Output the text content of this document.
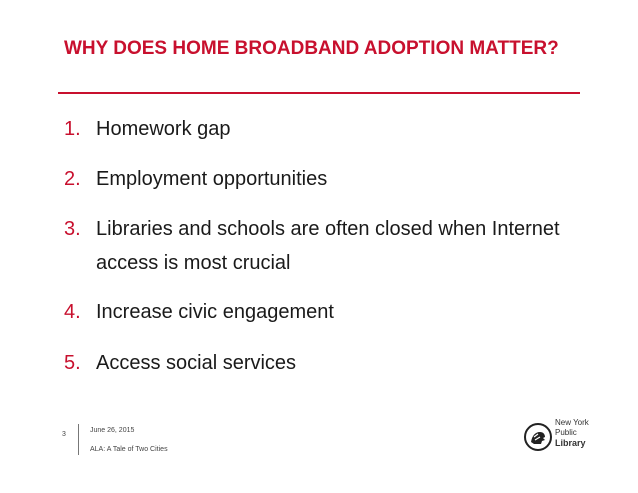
WHY DOES HOME BROADBAND ADOPTION MATTER?
1. Homework gap
2. Employment opportunities
3. Libraries and schools are often closed when Internet access is most crucial
4. Increase civic engagement
5. Access social services
3
June 26, 2015
ALA: A Tale of Two Cities
New York
Public
Library
